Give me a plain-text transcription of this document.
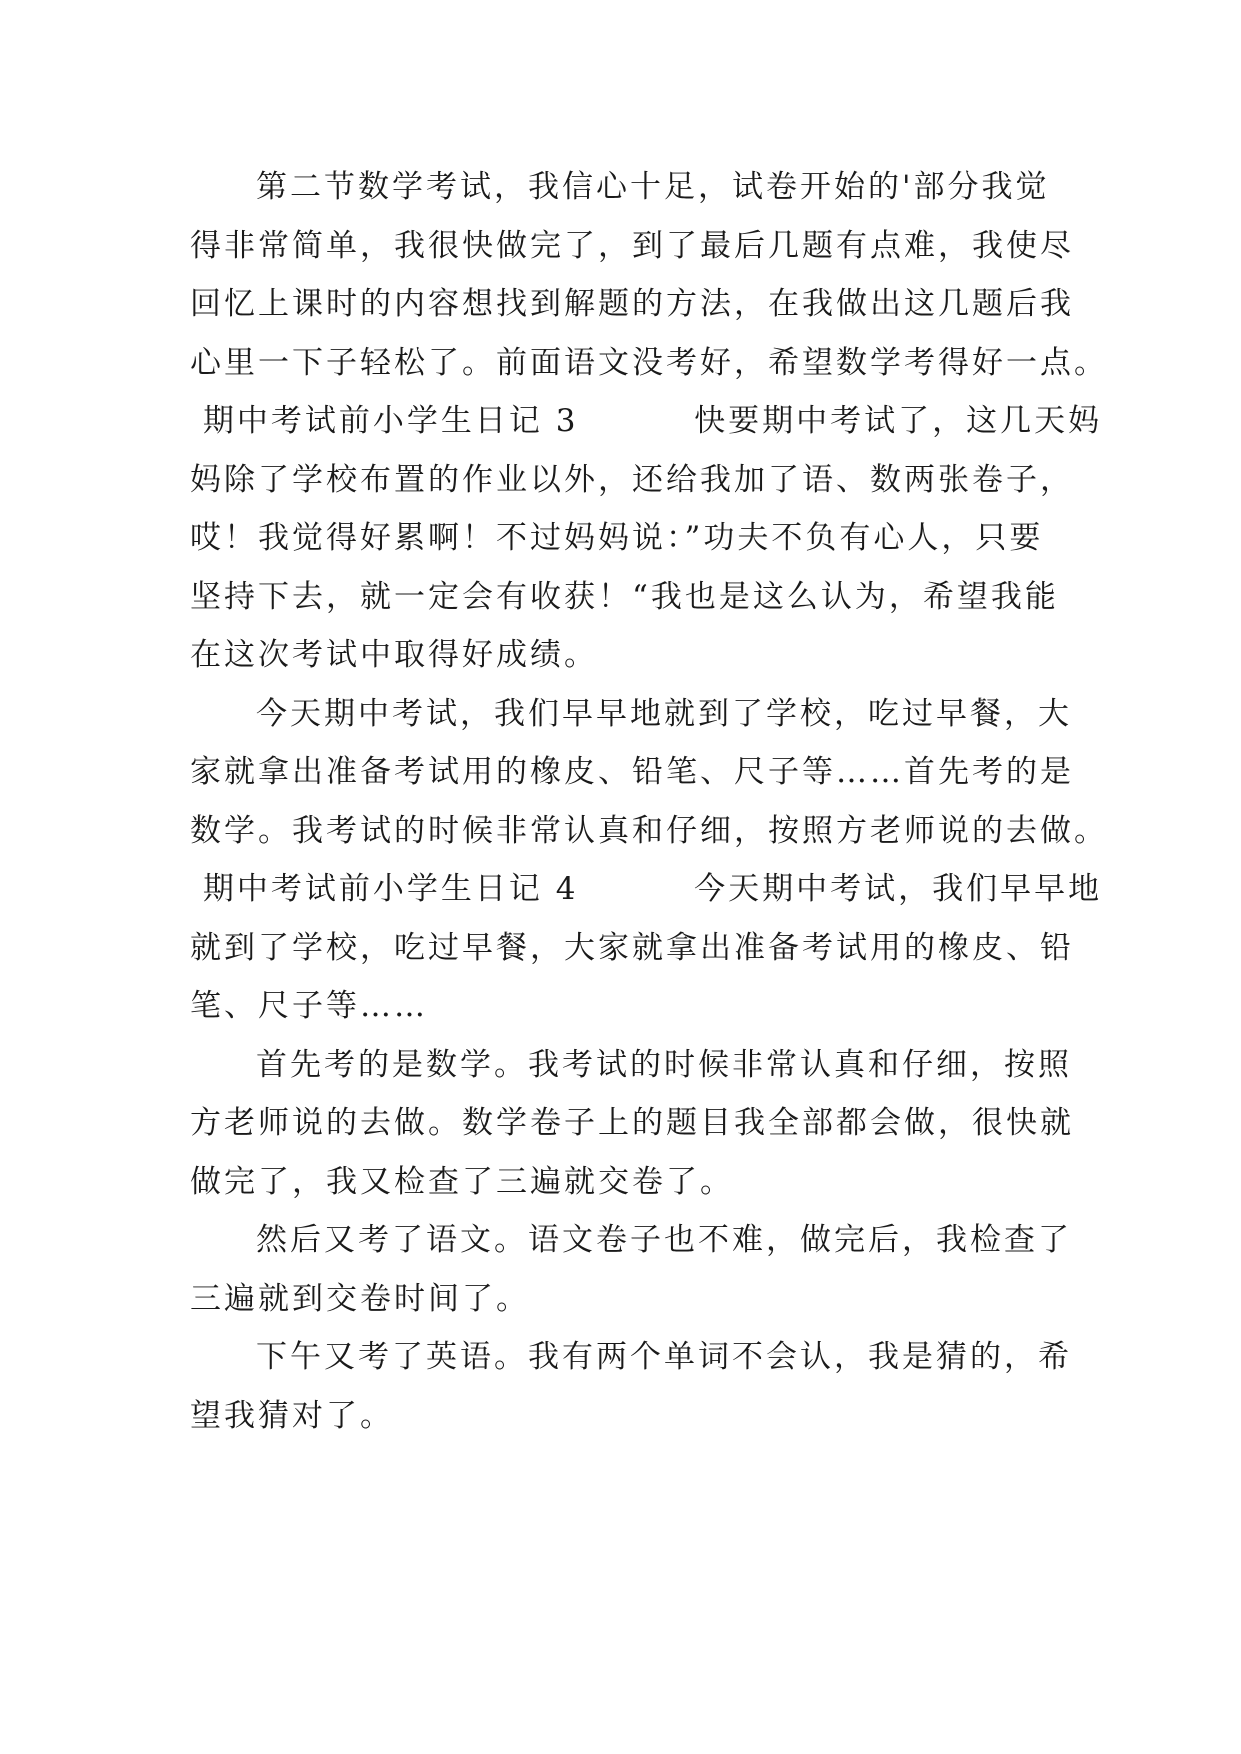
第二节数学考试，我信心十足，试卷开始的'部分我觉
得非常简单，我很快做完了，到了最后几题有点难，我使尽
回忆上课时的内容想找到解题的方法，在我做出这几题后我
心里一下子轻松了。前面语文没考好，希望数学考得好一点。
期中考试前小学生日记 3         快要期中考试了，这几天妈
妈除了学校布置的作业以外，还给我加了语、数两张卷子，
哎！我觉得好累啊！不过妈妈说：”功夫不负有心人，只要
坚持下去，就一定会有收获！“我也是这么认为，希望我能
在这次考试中取得好成绩。
今天期中考试，我们早早地就到了学校，吃过早餐，大
家就拿出准备考试用的橡皮、铅笔、尺子等……首先考的是
数学。我考试的时候非常认真和仔细，按照方老师说的去做。
期中考试前小学生日记 4         今天期中考试，我们早早地
就到了学校，吃过早餐，大家就拿出准备考试用的橡皮、铅
笔、尺子等……
首先考的是数学。我考试的时候非常认真和仔细，按照
方老师说的去做。数学卷子上的题目我全部都会做，很快就
做完了，我又检查了三遍就交卷了。
然后又考了语文。语文卷子也不难，做完后，我检查了
三遍就到交卷时间了。
下午又考了英语。我有两个单词不会认，我是猜的，希
望我猜对了。
